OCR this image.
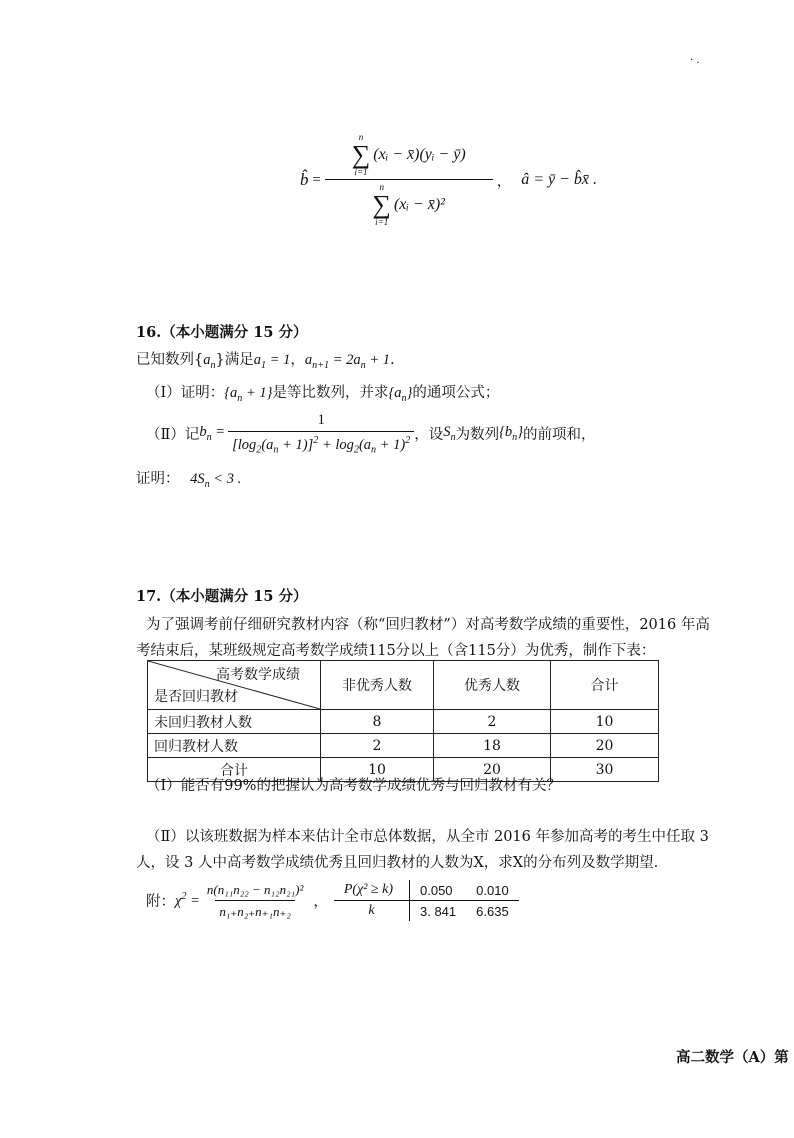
· .
b̂ = n
∑
i=1
(xᵢ − x̄)(yᵢ − ȳ)
n
∑
i=1
(xᵢ − x̄)² ， â = ȳ − b̂x̄ .
16.（本小题满分 15 分）
已知数列$\{a_n\}$满足$a_1 = 1$，$a_{n+1} = 2a_n + 1$.
（Ⅰ）证明：$\{a_n + 1\}$是等比数列，并求$\{a_n\}$的通项公式；
（Ⅱ）记 $b_n = \frac{1}{[\log_2(a_n + 1)]^2 + \log_2(a_n + 1)^2}$ ，设 $S_n$ 为数列 $\{b_n\}$ 的前项和，
证明： $4S_n < 3$ .
17.（本小题满分 15 分）
为了强调考前仔细研究教材内容（称“回归教材”）对高考数学成绩的重要性，2016 年高
考结束后，某班级规定高考数学成绩115分以上（含115分）为优秀，制作下表：
高考数学成绩
是否回归教材	非优秀人数	优秀人数	合计
未回归教材人数	8	2	10
回归教材人数	2	18	20
合计	10	20	30
（Ⅰ）能否有99%的把握认为高考数学成绩优秀与回归教材有关？
（Ⅱ）以该班数据为样本来估计全市总体数据，从全市 2016 年参加高考的考生中任取 3
人，设 3 人中高考数学成绩优秀且回归教材的人数为X，求X的分布列及数学期望.
附： $\chi^2 = \frac{\text{n(n₁₁n₂₂ − n₁₂n₂₁)²}}{\text{n₁₊n₂₊n₊₁n₊₂}}$ ，
P(χ² ≥ k)	0.050	0.010
k	3. 841	6.635
高二数学（A）第
